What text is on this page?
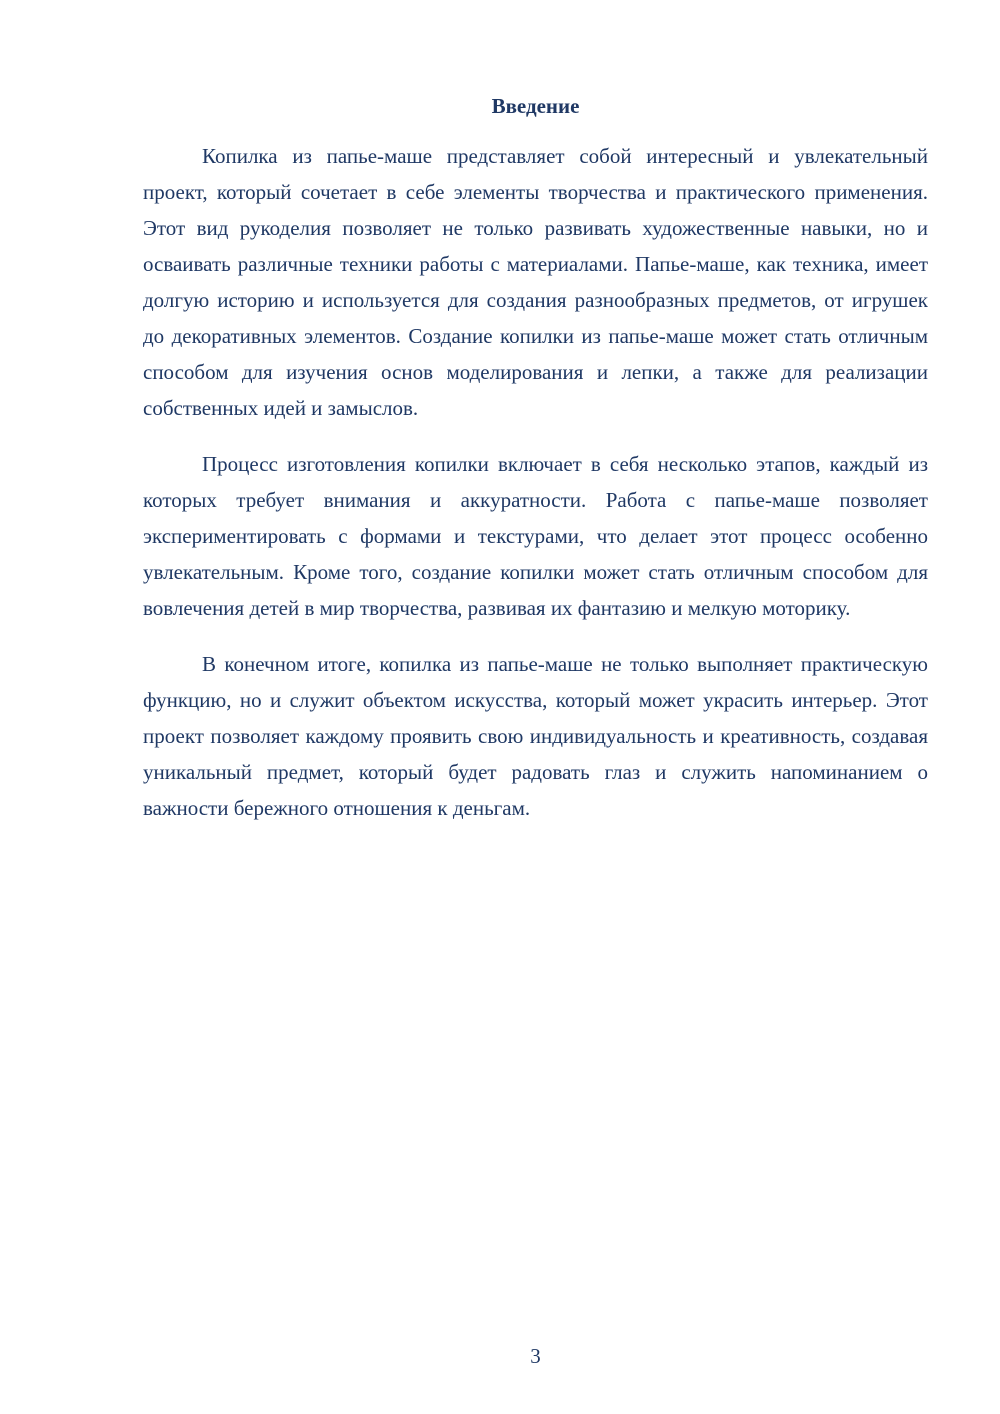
Введение

Копилка из папье-маше представляет собой интересный и увлекательный проект, который сочетает в себе элементы творчества и практического применения. Этот вид рукоделия позволяет не только развивать художественные навыки, но и осваивать различные техники работы с материалами. Папье-маше, как техника, имеет долгую историю и используется для создания разнообразных предметов, от игрушек до декоративных элементов. Создание копилки из папье-маше может стать отличным способом для изучения основ моделирования и лепки, а также для реализации собственных идей и замыслов.

Процесс изготовления копилки включает в себя несколько этапов, каждый из которых требует внимания и аккуратности. Работа с папье-маше позволяет экспериментировать с формами и текстурами, что делает этот процесс особенно увлекательным. Кроме того, создание копилки может стать отличным способом для вовлечения детей в мир творчества, развивая их фантазию и мелкую моторику.

В конечном итоге, копилка из папье-маше не только выполняет практическую функцию, но и служит объектом искусства, который может украсить интерьер. Этот проект позволяет каждому проявить свою индивидуальность и креативность, создавая уникальный предмет, который будет радовать глаз и служить напоминанием о важности бережного отношения к деньгам.

3
